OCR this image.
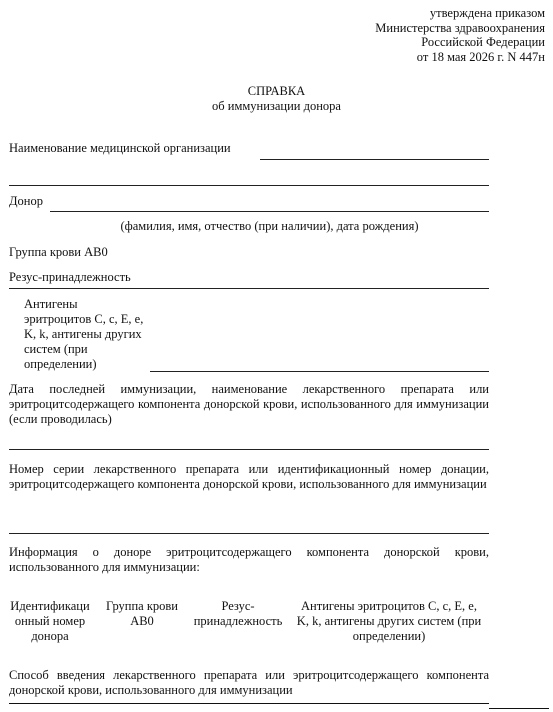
утверждена приказом
Министерства здравоохранения
Российской Федерации
от 18 мая 2026 г. N 447н
СПРАВКА
об иммунизации донора
Наименование медицинской организации
Донор
(фамилия, имя, отчество (при наличии), дата рождения)
Группа крови АВ0
Резус-принадлежность
Антигены
эритроцитов C, c, E, e,
K, k, антигены других
систем (при
определении)
Дата последней иммунизации, наименование лекарственного препарата или эритроцитсодержащего компонента донорской крови, использованного для иммунизации (если проводилась)
Номер серии лекарственного препарата или идентификационный номер донации, эритроцитсодержащего компонента донорской крови, использованного для иммунизации
Информация о доноре эритроцитсодержащего компонента донорской крови, использованного для иммунизации:
Идентификаци
онный номер
донора
Группа крови
АВ0
Резус-
принадлежность
Антигены эритроцитов C, c, E, e,
K, k, антигены других систем (при
определении)
Способ введения лекарственного препарата или эритроцитсодержащего компонента донорской крови, использованного для иммунизации
